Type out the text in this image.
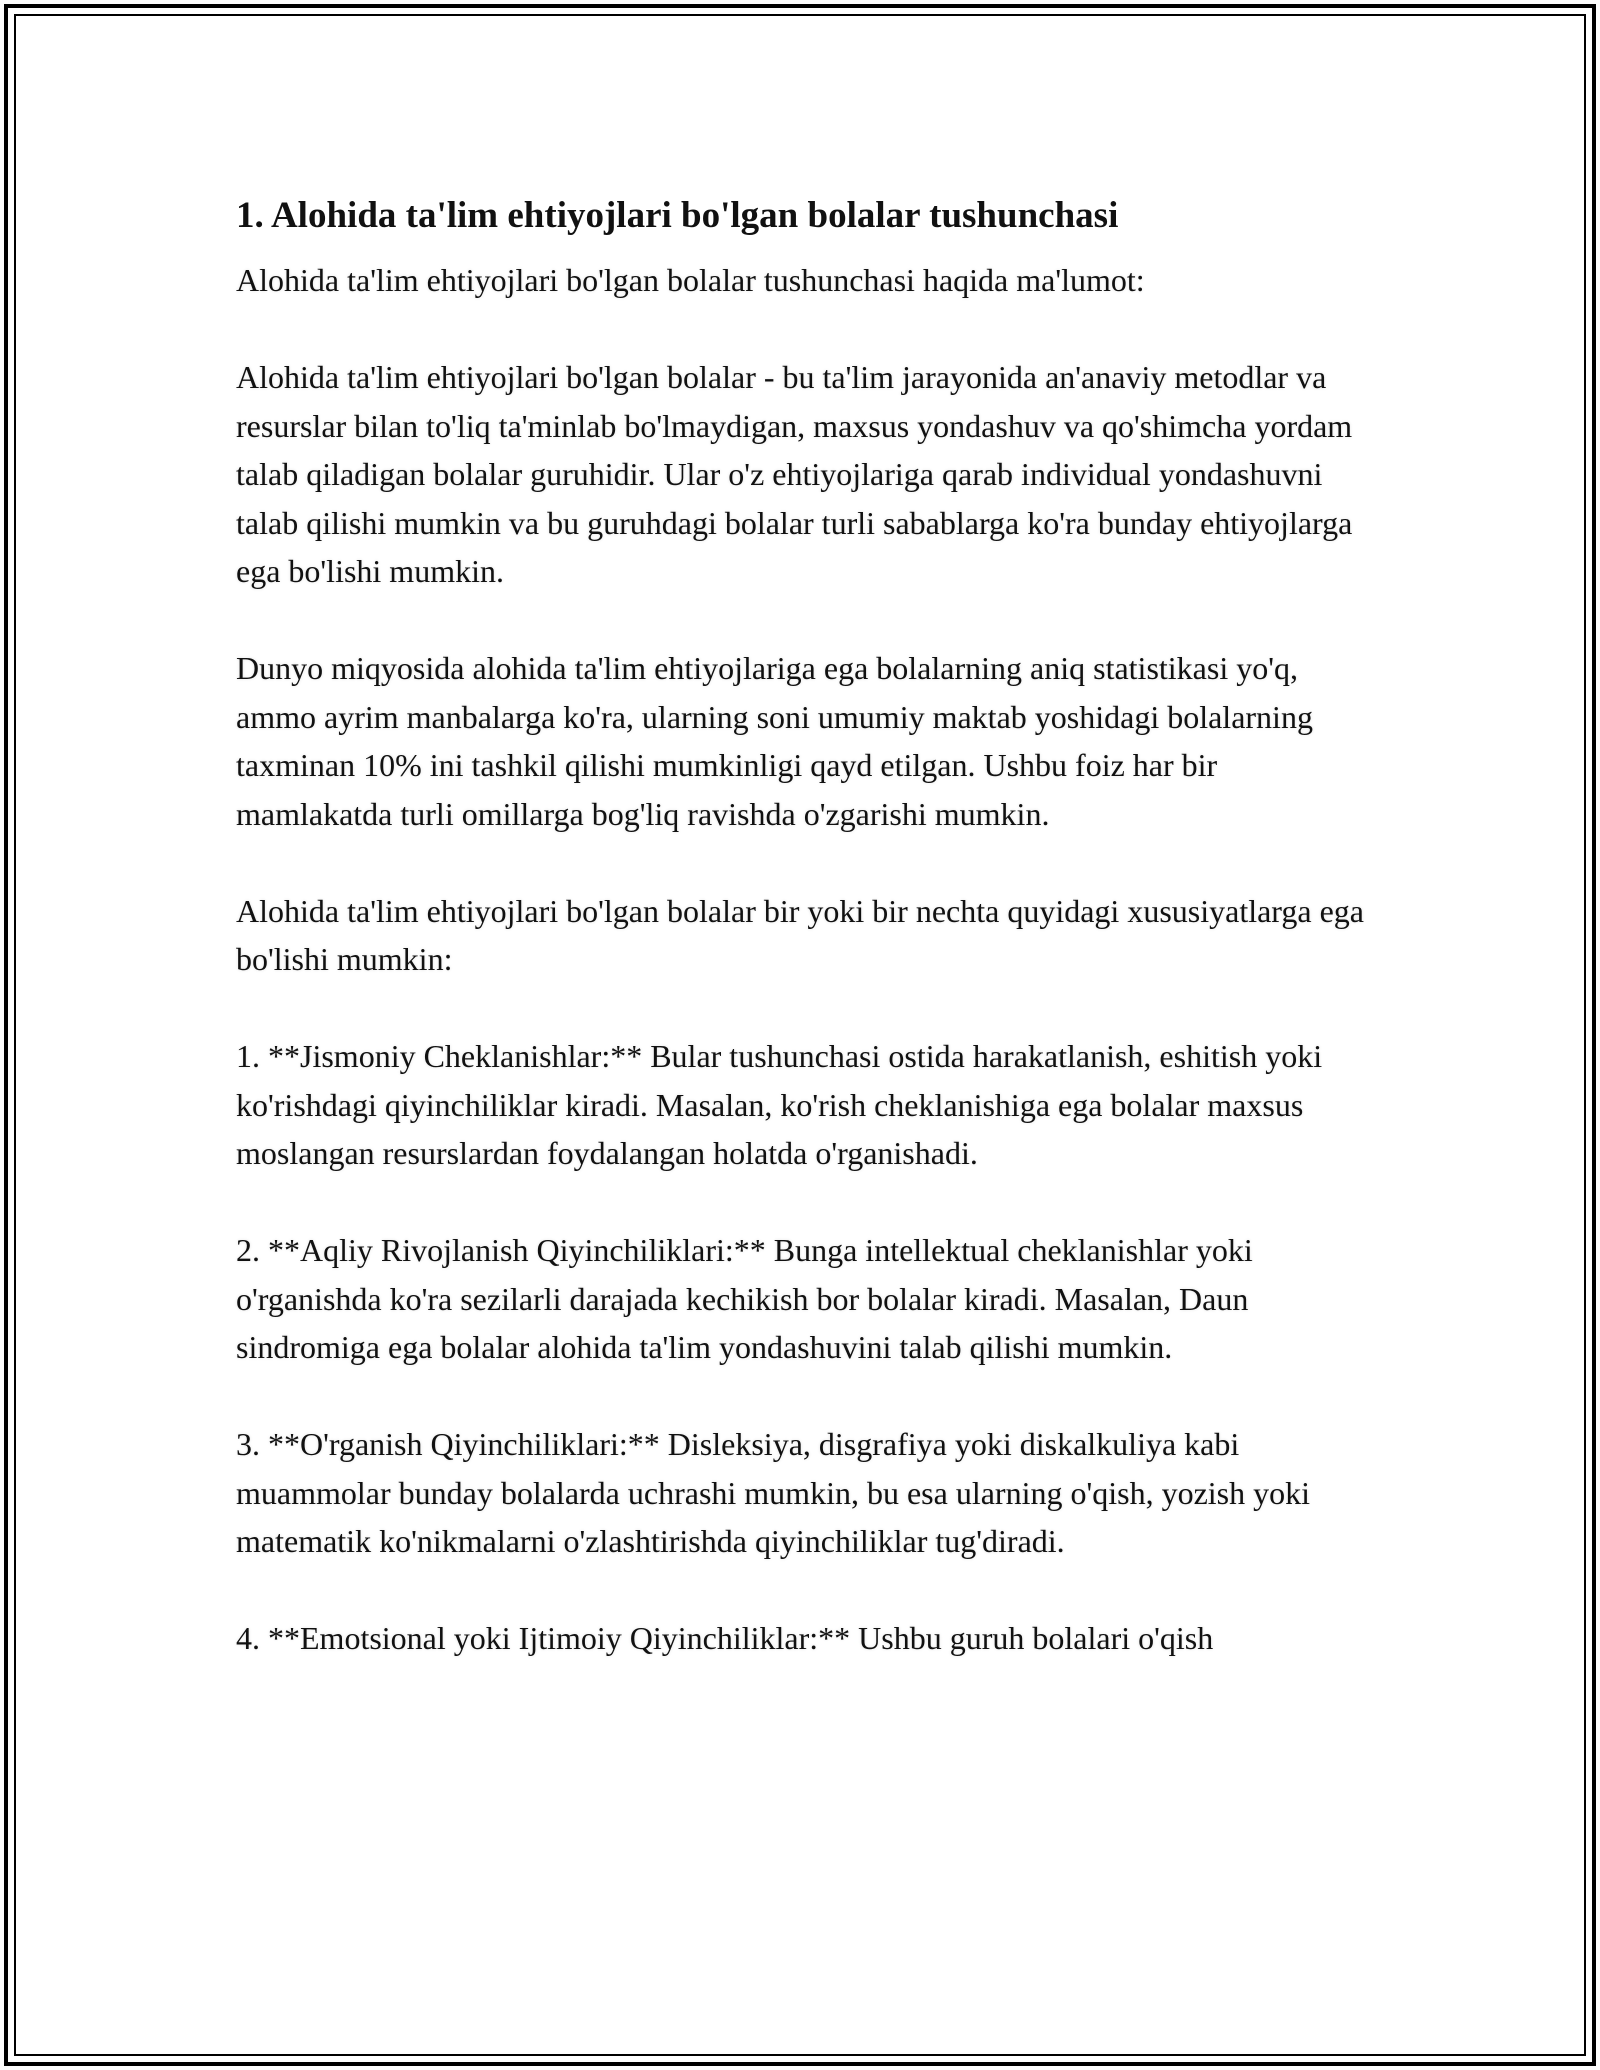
1. Alohida ta'lim ehtiyojlari bo'lgan bolalar tushunchasi

Alohida ta'lim ehtiyojlari bo'lgan bolalar tushunchasi haqida ma'lumot:

Alohida ta'lim ehtiyojlari bo'lgan bolalar - bu ta'lim jarayonida an'anaviy metodlar va resurslar bilan to'liq ta'minlab bo'lmaydigan, maxsus yondashuv va qo'shimcha yordam talab qiladigan bolalar guruhidir. Ular o'z ehtiyojlariga qarab individual yondashuvni talab qilishi mumkin va bu guruhdagi bolalar turli sabablarga ko'ra bunday ehtiyojlarga ega bo'lishi mumkin.

Dunyo miqyosida alohida ta'lim ehtiyojlariga ega bolalarning aniq statistikasi yo'q, ammo ayrim manbalarga ko'ra, ularning soni umumiy maktab yoshidagi bolalarning taxminan 10% ini tashkil qilishi mumkinligi qayd etilgan. Ushbu foiz har bir mamlakatda turli omillarga bog'liq ravishda o'zgarishi mumkin.

Alohida ta'lim ehtiyojlari bo'lgan bolalar bir yoki bir nechta quyidagi xususiyatlarga ega bo'lishi mumkin:

1. **Jismoniy Cheklanishlar:** Bular tushunchasi ostida harakatlanish, eshitish yoki ko'rishdagi qiyinchiliklar kiradi. Masalan, ko'rish cheklanishiga ega bolalar maxsus moslangan resurslardan foydalangan holatda o'rganishadi.

2. **Aqliy Rivojlanish Qiyinchiliklari:** Bunga intellektual cheklanishlar yoki o'rganishda ko'ra sezilarli darajada kechikish bor bolalar kiradi. Masalan, Daun sindromiga ega bolalar alohida ta'lim yondashuvini talab qilishi mumkin.

3. **O'rganish Qiyinchiliklari:** Disleksiya, disgrafiya yoki diskalkuliya kabi muammolar bunday bolalarda uchrashi mumkin, bu esa ularning o'qish, yozish yoki matematik ko'nikmalarni o'zlashtirishda qiyinchiliklar tug'diradi.

4. **Emotsional yoki Ijtimoiy Qiyinchiliklar:** Ushbu guruh bolalari o'qish
